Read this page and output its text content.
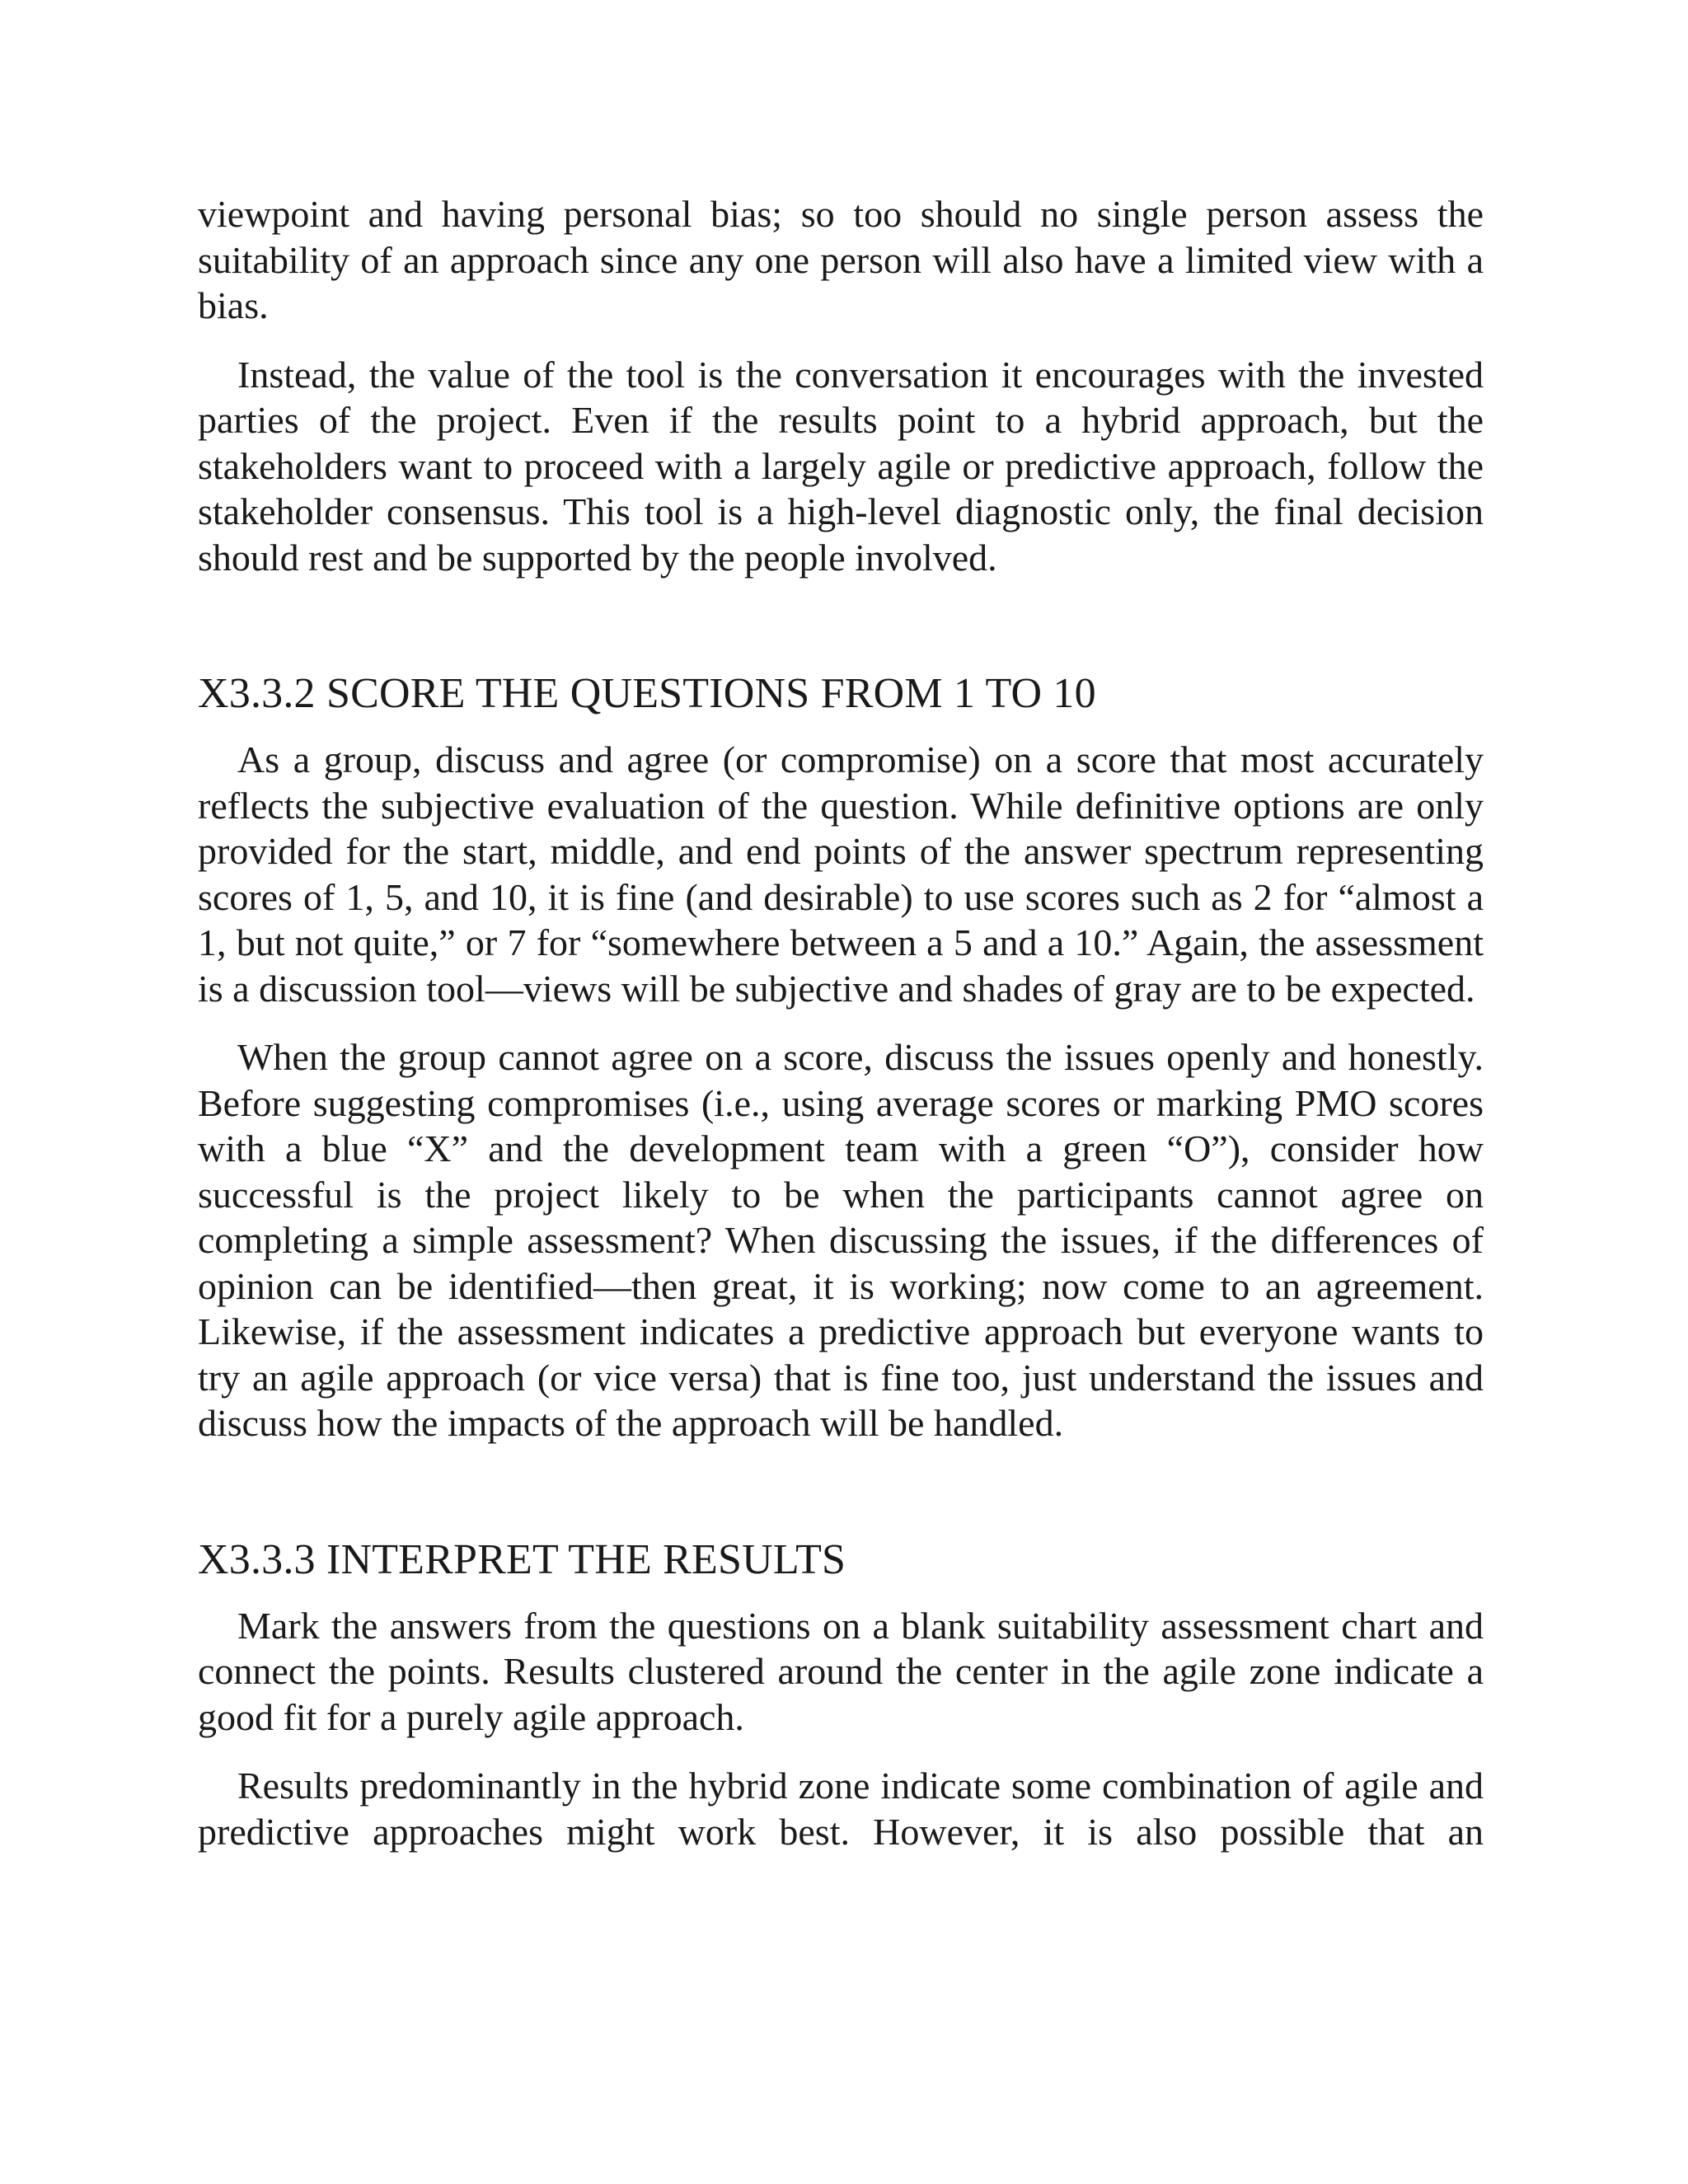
viewpoint and having personal bias; so too should no single person assess the suitability of an approach since any one person will also have a limited view with a bias.

Instead, the value of the tool is the conversation it encourages with the invested parties of the project. Even if the results point to a hybrid approach, but the stakeholders want to proceed with a largely agile or predictive approach, follow the stakeholder consensus. This tool is a high-level diagnostic only, the final decision should rest and be supported by the people involved.

X3.3.2 SCORE THE QUESTIONS FROM 1 TO 10

As a group, discuss and agree (or compromise) on a score that most accurately reflects the subjective evaluation of the question. While definitive options are only provided for the start, middle, and end points of the answer spectrum representing scores of 1, 5, and 10, it is fine (and desirable) to use scores such as 2 for “almost a 1, but not quite,” or 7 for “somewhere between a 5 and a 10.” Again, the assessment is a discussion tool—views will be subjective and shades of gray are to be expected.

When the group cannot agree on a score, discuss the issues openly and honestly. Before suggesting compromises (i.e., using average scores or marking PMO scores with a blue “X” and the development team with a green “O”), consider how successful is the project likely to be when the participants cannot agree on completing a simple assessment? When discussing the issues, if the differences of opinion can be identified—then great, it is working; now come to an agreement. Likewise, if the assessment indicates a predictive approach but everyone wants to try an agile approach (or vice versa) that is fine too, just understand the issues and discuss how the impacts of the approach will be handled.

X3.3.3 INTERPRET THE RESULTS

Mark the answers from the questions on a blank suitability assessment chart and connect the points. Results clustered around the center in the agile zone indicate a good fit for a purely agile approach.

Results predominantly in the hybrid zone indicate some combination of agile and predictive approaches might work best. However, it is also possible that an
